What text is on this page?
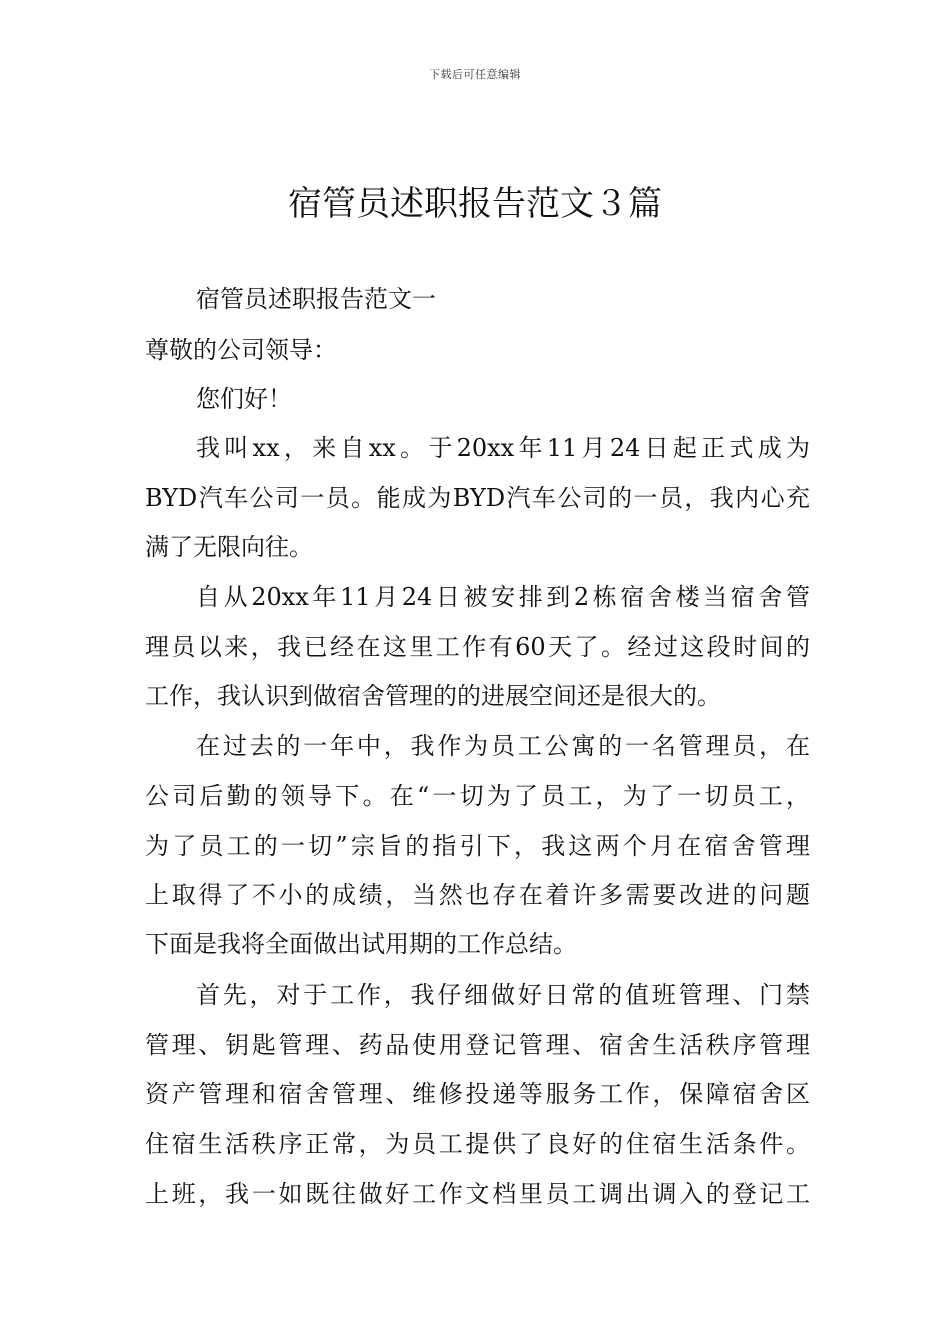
下载后可任意编辑
宿管员述职报告范文３篇
宿管员述职报告范文一
尊敬的公司领导：
您们好！
我叫xx，来自xx。于20xx年11月24日起正式成为
BYD汽车公司一员。能成为BYD汽车公司的一员，我内心充
满了无限向往。
自从20xx年11月24日被安排到2栋宿舍楼当宿舍管
理员以来，我已经在这里工作有60天了。经过这段时间的
工作，我认识到做宿舍管理的的进展空间还是很大的。
在过去的一年中，我作为员工公寓的一名管理员，在
公司后勤的领导下。在“一切为了员工，为了一切员工，
为了员工的一切”宗旨的指引下，我这两个月在宿舍管理
上取得了不小的成绩，当然也存在着许多需要改进的问题
下面是我将全面做出试用期的工作总结。
首先，对于工作，我仔细做好日常的值班管理、门禁
管理、钥匙管理、药品使用登记管理、宿舍生活秩序管理
资产管理和宿舍管理、维修投递等服务工作，保障宿舍区
住宿生活秩序正常，为员工提供了良好的住宿生活条件。
上班，我一如既往做好工作文档里员工调出调入的登记工
